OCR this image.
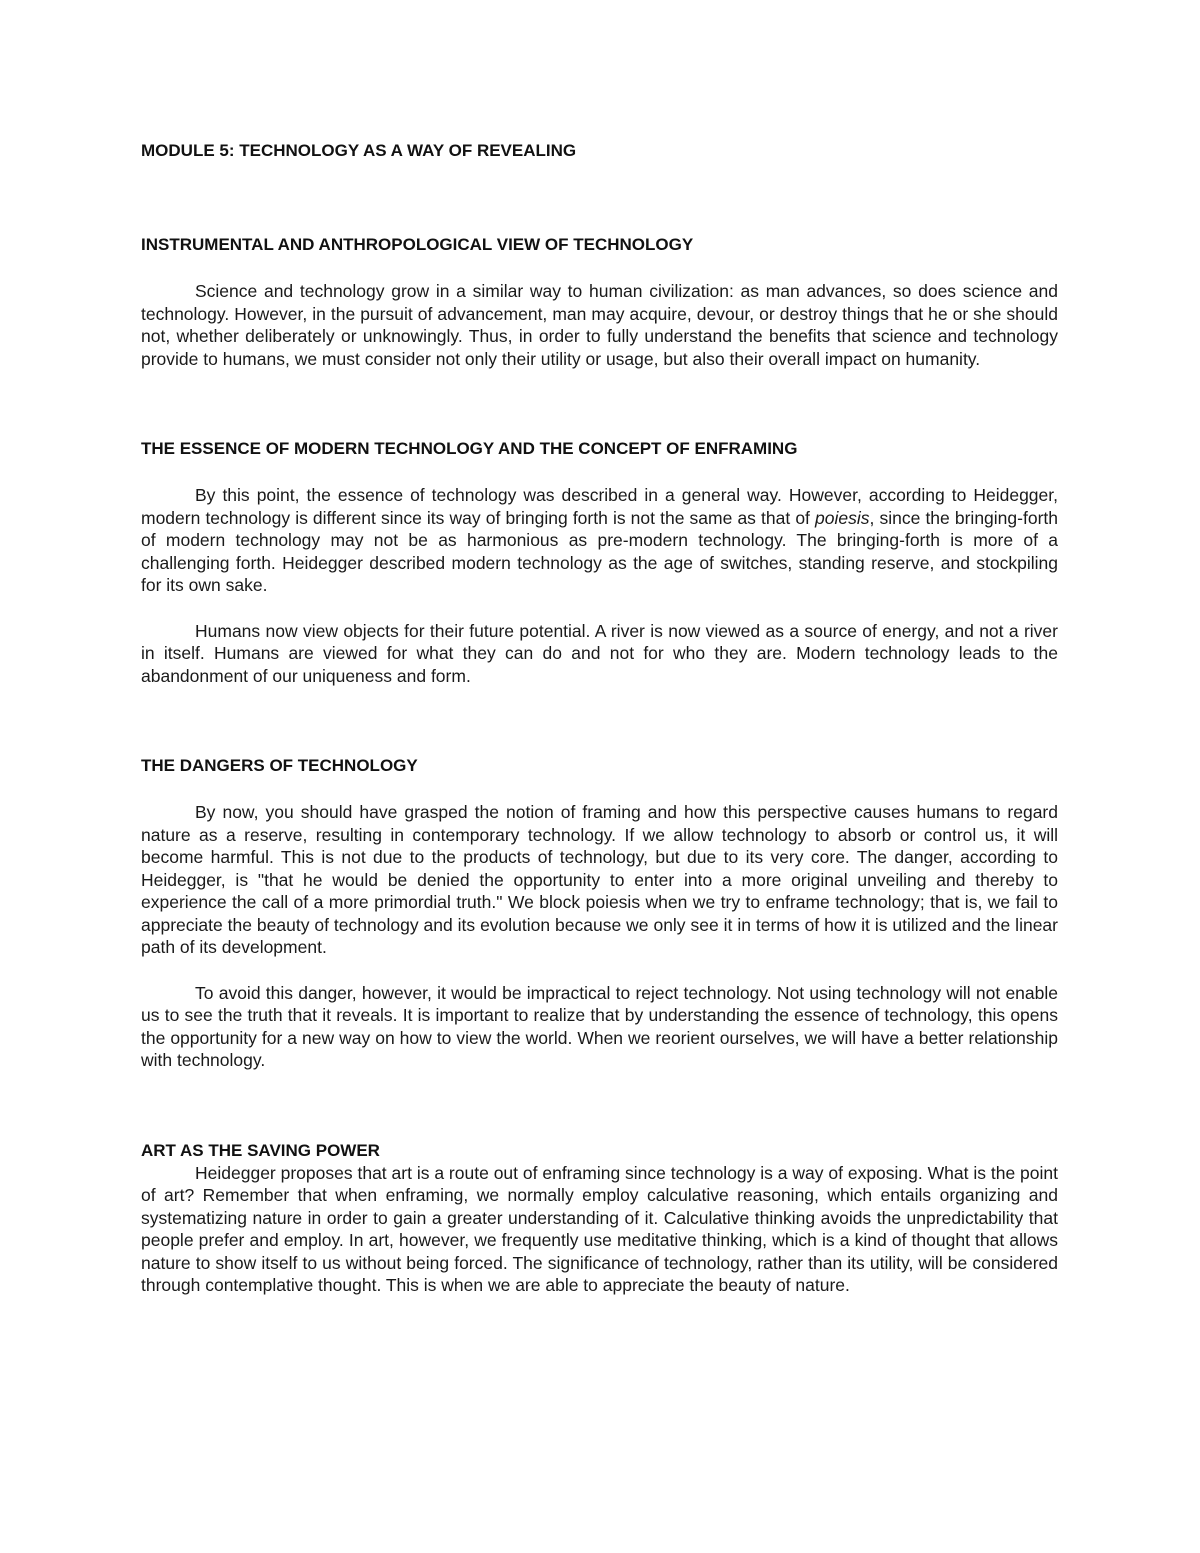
MODULE 5: TECHNOLOGY AS A WAY OF REVEALING
INSTRUMENTAL AND ANTHROPOLOGICAL VIEW OF TECHNOLOGY

Science and technology grow in a similar way to human civilization: as man advances, so does science and technology. However, in the pursuit of advancement, man may acquire, devour, or destroy things that he or she should not, whether deliberately or unknowingly. Thus, in order to fully understand the benefits that science and technology provide to humans, we must consider not only their utility or usage, but also their overall impact on humanity.

THE ESSENCE OF MODERN TECHNOLOGY AND THE CONCEPT OF ENFRAMING

By this point, the essence of technology was described in a general way. However, according to Heidegger, modern technology is different since its way of bringing forth is not the same as that of poiesis, since the bringing-forth of modern technology may not be as harmonious as pre-modern technology. The bringing-forth is more of a challenging forth. Heidegger described modern technology as the age of switches, standing reserve, and stockpiling for its own sake.

Humans now view objects for their future potential. A river is now viewed as a source of energy, and not a river in itself. Humans are viewed for what they can do and not for who they are. Modern technology leads to the abandonment of our uniqueness and form.

THE DANGERS OF TECHNOLOGY

By now, you should have grasped the notion of framing and how this perspective causes humans to regard nature as a reserve, resulting in contemporary technology. If we allow technology to absorb or control us, it will become harmful. This is not due to the products of technology, but due to its very core. The danger, according to Heidegger, is "that he would be denied the opportunity to enter into a more original unveiling and thereby to experience the call of a more primordial truth." We block poiesis when we try to enframe technology; that is, we fail to appreciate the beauty of technology and its evolution because we only see it in terms of how it is utilized and the linear path of its development.

To avoid this danger, however, it would be impractical to reject technology. Not using technology will not enable us to see the truth that it reveals. It is important to realize that by understanding the essence of technology, this opens the opportunity for a new way on how to view the world. When we reorient ourselves, we will have a better relationship with technology.

ART AS THE SAVING POWER

Heidegger proposes that art is a route out of enframing since technology is a way of exposing. What is the point of art? Remember that when enframing, we normally employ calculative reasoning, which entails organizing and systematizing nature in order to gain a greater understanding of it. Calculative thinking avoids the unpredictability that people prefer and employ. In art, however, we frequently use meditative thinking, which is a kind of thought that allows nature to show itself to us without being forced. The significance of technology, rather than its utility, will be considered through contemplative thought. This is when we are able to appreciate the beauty of nature.
